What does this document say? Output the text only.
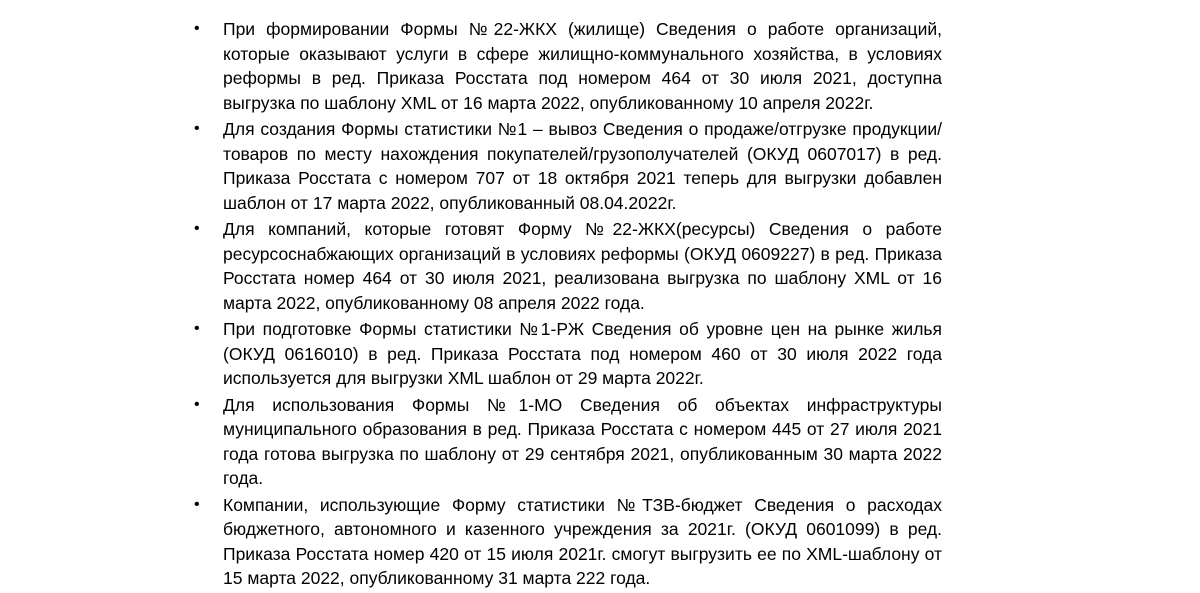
• При формировании Формы №22-ЖКХ (жилище) Сведения о работе организаций, которые оказывают услуги в сфере жилищно-коммунального хозяйства, в условиях реформы в ред. Приказа Росстата под номером 464 от 30 июля 2021, доступна выгрузка по шаблону XML от 16 марта 2022, опубликованному 10 апреля 2022г.
• Для создания Формы статистики №1 – вывоз Сведения о продаже/отгрузке продукции/товаров по месту нахождения покупателей/грузополучателей (ОКУД 0607017) в ред. Приказа Росстата с номером 707 от 18 октября 2021 теперь для выгрузки добавлен шаблон от 17 марта 2022, опубликованный 08.04.2022г.
• Для компаний, которые готовят Форму №22-ЖКХ(ресурсы) Сведения о работе ресурсоснабжающих организаций в условиях реформы (ОКУД 0609227) в ред. Приказа Росстата номер 464 от 30 июля 2021, реализована выгрузка по шаблону XML от 16 марта 2022, опубликованному 08 апреля 2022 года.
• При подготовке Формы статистики №1-РЖ Сведения об уровне цен на рынке жилья (ОКУД 0616010) в ред. Приказа Росстата под номером 460 от 30 июля 2022 года используется для выгрузки XML шаблон от 29 марта 2022г.
• Для использования Формы №1-МО Сведения об объектах инфраструктуры муниципального образования в ред. Приказа Росстата с номером 445 от 27 июля 2021 года готова выгрузка по шаблону от 29 сентября 2021, опубликованным 30 марта 2022 года.
• Компании, использующие Форму статистики №ТЗВ-бюджет Сведения о расходах бюджетного, автономного и казенного учреждения за 2021г. (ОКУД 0601099) в ред. Приказа Росстата номер 420 от 15 июля 2021г. смогут выгрузить ее по XML-шаблону от 15 марта 2022, опубликованному 31 марта 222 года.
